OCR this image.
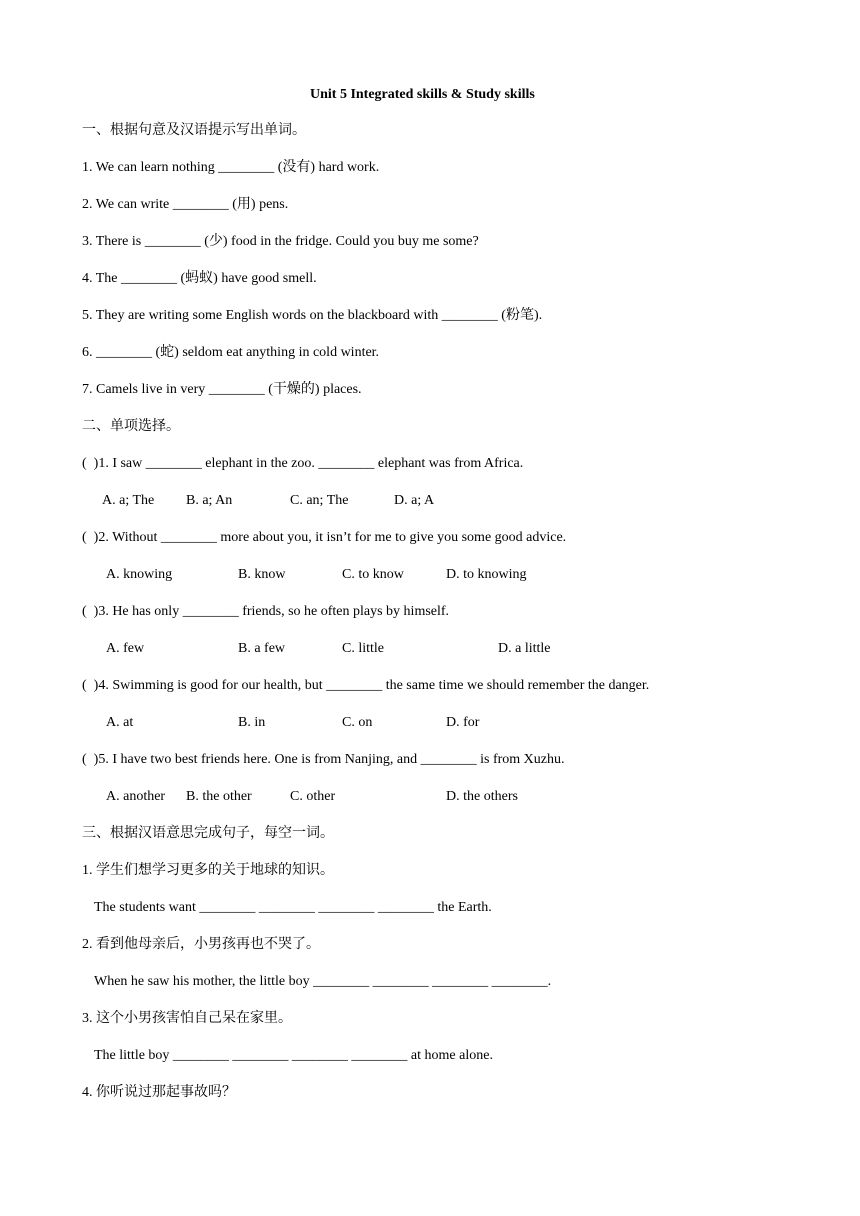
Unit 5 Integrated skills & Study skills
一、根据句意及汉语提示写出单词。
1. We can learn nothing ________ (没有) hard work.
2. We can write ________ (用) pens.
3. There is ________ (少) food in the fridge. Could you buy me some?
4. The ________ (蚂蚁) have good smell.
5. They are writing some English words on the blackboard with ________ (粉笔).
6. ________ (蛇) seldom eat anything in cold winter.
7. Camels live in very ________ (干燥的) places.
二、单项选择。
(  )1. I saw ________ elephant in the zoo. ________ elephant was from Africa.
A. a; The B. a; An	C. an; The	D. a; A
(  )2. Without ________ more about you, it isn’t for me to give you some good advice.
A. knowing	B. know	C. to know	D. to knowing
(  )3. He has only ________ friends, so he often plays by himself.
A. few	B. a few	C. little	D. a little
(  )4. Swimming is good for our health, but ________ the same time we should remember the danger.
A. at	B. in	C. on	D. for
(  )5. I have two best friends here. One is from Nanjing, and ________ is from Xuzhu.
A. another B. the other	C. other	D. the others
三、根据汉语意思完成句子，每空一词。
1. 学生们想学习更多的关于地球的知识。
The students want ________ ________ ________ ________ the Earth.
2. 看到他母亲后，小男孩再也不哭了。
When he saw his mother, the little boy ________ ________ ________ ________.
3. 这个小男孩害怕自己呆在家里。
The little boy ________ ________ ________ ________ at home alone.
4. 你听说过那起事故吗？
